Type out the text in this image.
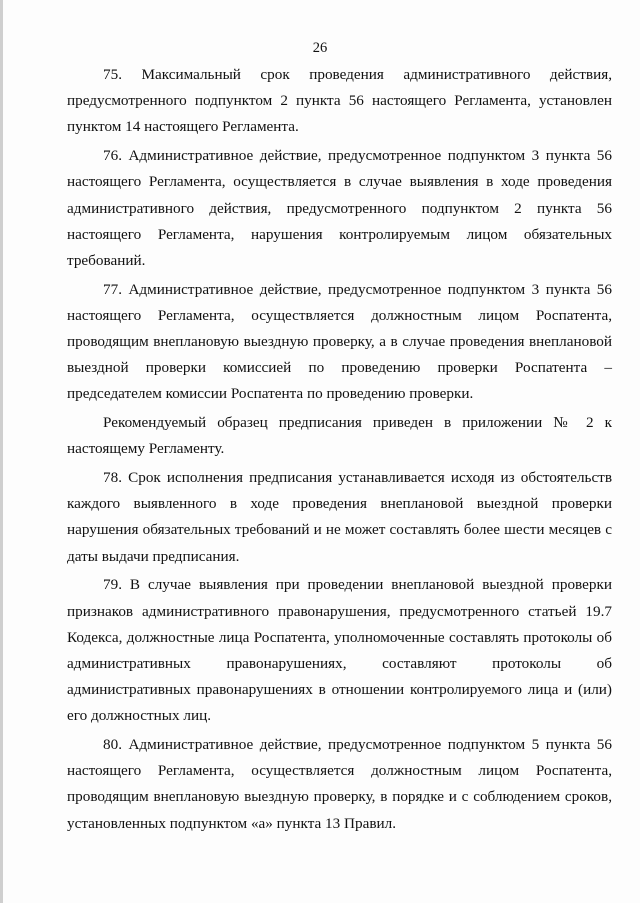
26

75. Максимальный срок проведения административного действия, предусмотренного подпунктом 2 пункта 56 настоящего Регламента, установлен пунктом 14 настоящего Регламента.

76. Административное действие, предусмотренное подпунктом 3 пункта 56 настоящего Регламента, осуществляется в случае выявления в ходе проведения административного действия, предусмотренного подпунктом 2 пункта 56 настоящего Регламента, нарушения контролируемым лицом обязательных требований.

77. Административное действие, предусмотренное подпунктом 3 пункта 56 настоящего Регламента, осуществляется должностным лицом Роспатента, проводящим внеплановую выездную проверку, а в случае проведения внеплановой выездной проверки комиссией по проведению проверки Роспатента – председателем комиссии Роспатента по проведению проверки.

Рекомендуемый образец предписания приведен в приложении № 2 к настоящему Регламенту.

78. Срок исполнения предписания устанавливается исходя из обстоятельств каждого выявленного в ходе проведения внеплановой выездной проверки нарушения обязательных требований и не может составлять более шести месяцев с даты выдачи предписания.

79. В случае выявления при проведении внеплановой выездной проверки признаков административного правонарушения, предусмотренного статьей 19.7 Кодекса, должностные лица Роспатента, уполномоченные составлять протоколы об административных правонарушениях, составляют протоколы об административных правонарушениях в отношении контролируемого лица и (или) его должностных лиц.

80. Административное действие, предусмотренное подпунктом 5 пункта 56 настоящего Регламента, осуществляется должностным лицом Роспатента, проводящим внеплановую выездную проверку, в порядке и с соблюдением сроков, установленных подпунктом «а» пункта 13 Правил.
